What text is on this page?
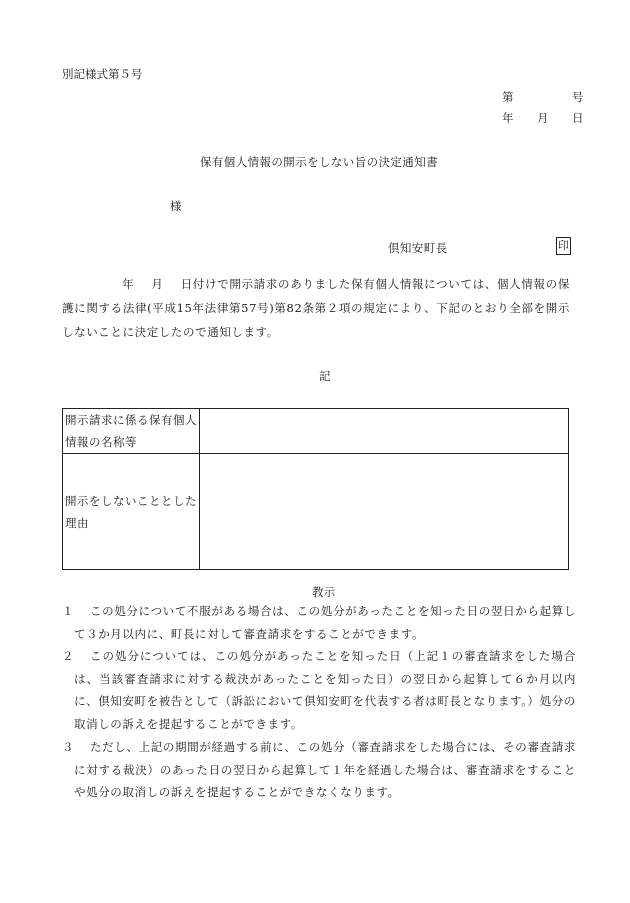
別記様式第５号
第	号
年 月 日
保有個人情報の開示をしない旨の決定通知書
様
倶知安町長	印
年 月 日付けで開示請求のありました保有個人情報については、個人情報の保護に関する法律(平成15年法律第57号)第82条第２項の規定により、下記のとおり全部を開示しないことに決定したので通知します。
記
開示請求に係る保有個人情報の名称等	
開示をしないこととした理由	
教示
１	この処分について不服がある場合は、この処分があったことを知った日の翌日から起算して３か月以内に、町長に対して審査請求をすることができます。
２	この処分については、この処分があったことを知った日（上記１の審査請求をした場合は、当該審査請求に対する裁決があったことを知った日）の翌日から起算して６か月以内に、倶知安町を被告として（訴訟において倶知安町を代表する者は町長となります。）処分の取消しの訴えを提起することができます。
３	ただし、上記の期間が経過する前に、この処分（審査請求をした場合には、その審査請求に対する裁決）のあった日の翌日から起算して１年を経過した場合は、審査請求をすることや処分の取消しの訴えを提起することができなくなります。
